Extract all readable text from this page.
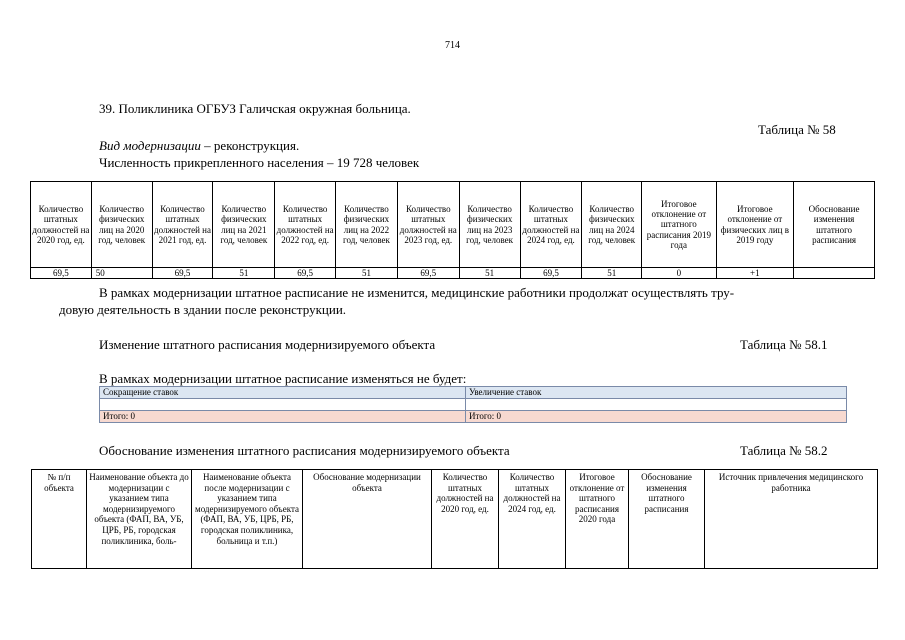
714
39. Поликлиника ОГБУЗ Галичская окружная больница.
Таблица № 58
Вид модернизации – реконструкция.
Численность прикрепленного населения – 19 728 человек
Количество штатных должностей на 2020 год, ед.	Количество физических лиц на 2020 год, человек	Количество штатных должностей на 2021 год, ед.	Количество физических лиц на 2021 год, человек	Количество штатных должностей на 2022 год, ед.	Количество физических лиц на 2022 год, человек	Количество штатных должностей на 2023 год, ед.	Количество физических лиц на 2023 год, человек	Количество штатных должностей на 2024 год, ед.	Количество физических лиц на 2024 год, человек	Итоговое отклонение от штатного расписания 2019 года	Итоговое отклонение от физических лиц в 2019 году	Обоснование изменения штатного расписания
69,5	50	69,5	51	69,5	51	69,5	51	69,5	51	0	+1	
В рамках модернизации штатное расписание не изменится, медицинские работники продолжат осуществлять тру-
довую деятельность в здании после реконструкции.
Изменение штатного расписания модернизируемого объекта	Таблица № 58.1
В рамках модернизации штатное расписание изменяться не будет:
Сокращение ставок	Увеличение ставок

Итого: 0	Итого: 0
Обоснование изменения штатного расписания модернизируемого объекта	Таблица № 58.2
№ п/п объекта	Наименование объекта до модернизации с указанием типа модернизируемого объекта (ФАП, ВА, УБ, ЦРБ, РБ, городская поликлиника, боль-	Наименование объекта после модернизации с указанием типа модернизируемого объекта (ФАП, ВА, УБ, ЦРБ, РБ, городская поликлиника, больница и т.п.)	Обоснование модернизации объекта	Количество штатных должностей на 2020 год, ед.	Количество штатных должностей на 2024 год, ед.	Итоговое отклонение от штатного расписания 2020 года	Обоснование изменения штатного расписания	Источник привлечения медицинского работника
